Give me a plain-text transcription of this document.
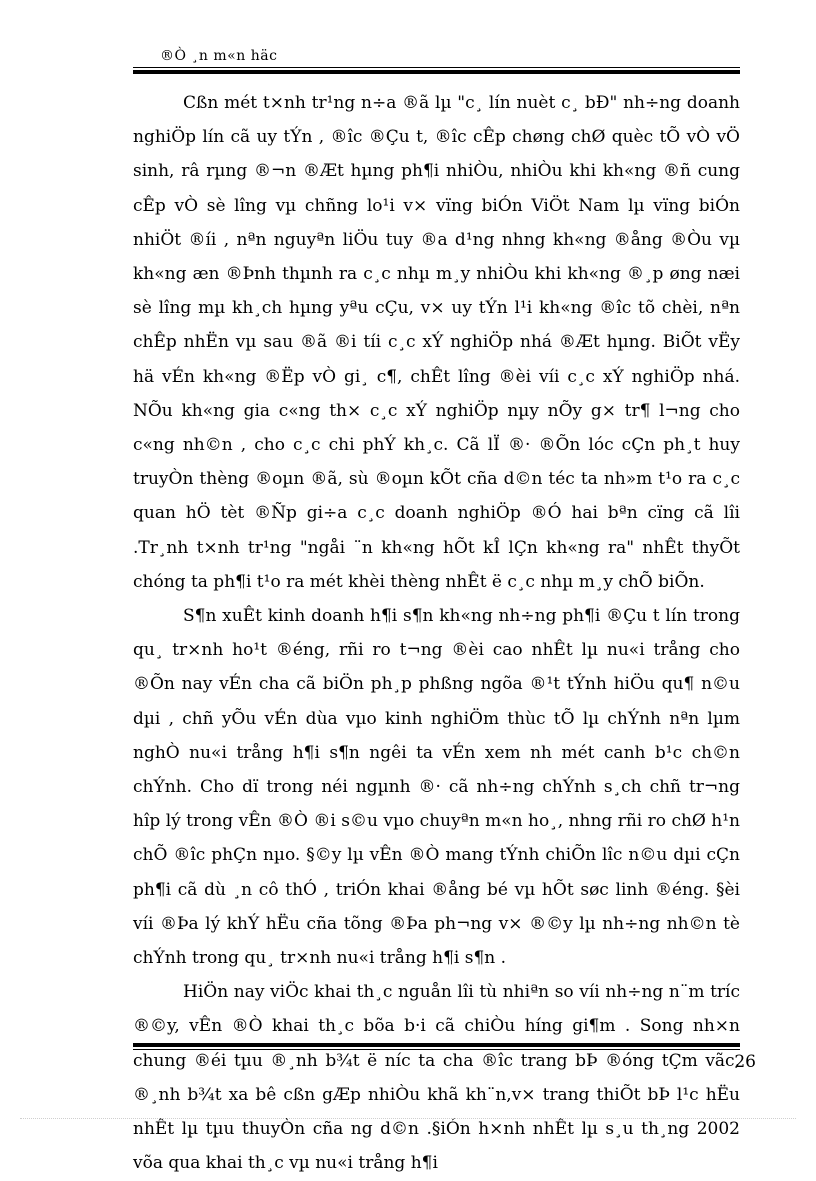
®Ò ¸n m«n häc

Cßn mét t×nh tr¹ng n÷a ®ã lµ "c¸ lín nuèt c¸ bÐ" nh÷ng doanh nghiÖp lín cã uy tÝn , ®îc ®Çu t, ®îc cÊp chøng chØ quèc tÕ vÒ vÖ sinh, râ rµng ®¬n ®Æt hµng ph¶i nhiÒu, nhiÒu khi kh«ng ®ñ cung cÊp vÒ sè lîng vµ chñng lo¹i v× vïng biÓn ViÖt Nam lµ vïng biÓn nhiÖt ®íi , nªn nguyªn liÖu tuy ®a d¹ng nhng kh«ng ®ång ®Òu vµ kh«ng æn ®Þnh thµnh ra c¸c nhµ m¸y nhiÒu khi kh«ng ®¸p øng næi sè lîng mµ kh¸ch hµng yªu cÇu, v× uy tÝn l¹i kh«ng ®îc tõ chèi, nªn chÊp nhËn vµ sau ®ã ®i tíi c¸c xÝ nghiÖp nhá ®Æt hµng. BiÕt vËy hä vÉn kh«ng ®Ëp vÒ gi¸ c¶, chÊt lîng ®èi víi c¸c xÝ nghiÖp nhá. NÕu kh«ng gia c«ng th× c¸c xÝ nghiÖp nµy nÕy g× tr¶ l¬ng cho c«ng nh©n , cho c¸c chi phÝ kh¸c. Cã lÏ ®· ®Õn lóc cÇn ph¸t huy truyÒn thèng ®oµn ®ã, sù ®oµn kÕt cña d©n téc ta nh»m t¹o ra c¸c quan hÖ tèt ®Ñp gi÷a c¸c doanh nghiÖp ®Ó hai bªn cïng cã lîi .Tr¸nh t×nh tr¹ng "ngåi ¨n kh«ng hÕt kÎ lÇn kh«ng ra" nhÊt thyÕt chóng ta ph¶i t¹o ra mét khèi thèng nhÊt ë c¸c nhµ m¸y chÕ biÕn.

S¶n xuÊt kinh doanh h¶i s¶n kh«ng nh÷ng ph¶i ®Çu t lín trong qu¸ tr×nh ho¹t ®éng, rñi ro t¬ng ®èi cao nhÊt lµ nu«i trång cho ®Õn nay vÉn cha cã biÖn ph¸p phßng ngõa ®¹t tÝnh hiÖu qu¶ n©u dµi , chñ yÕu vÉn dùa vµo kinh nghiÖm thùc tÕ lµ chÝnh nªn lµm nghÒ nu«i trång h¶i s¶n ngêi ta vÉn xem nh mét canh b¹c ch©n chÝnh. Cho dï trong néi ngµnh ®· cã nh÷ng chÝnh s¸ch chñ tr¬ng hîp lý trong vÊn ®Ò ®i s©u vµo chuyªn m«n ho¸, nhng rñi ro chØ h¹n chÕ ®îc phÇn nµo. §©y lµ vÊn ®Ò mang tÝnh chiÕn lîc n©u dµi cÇn ph¶i cã dù ¸n cô thÓ , triÓn khai ®ång bé vµ hÕt søc linh ®éng. §èi víi ®Þa lý khÝ hËu cña tõng ®Þa ph¬ng v× ®©y lµ nh÷ng nh©n tè chÝnh trong qu¸ tr×nh nu«i trång h¶i s¶n .

HiÖn nay viÖc khai th¸c nguån lîi tù nhiªn so víi nh÷ng n¨m tríc ®©y, vÊn ®Ò khai th¸c bõa b·i cã chiÒu híng gi¶m . Song nh×n chung ®éi tµu ®¸nh b¾t ë níc ta cha ®îc trang bÞ ®óng tÇm vãc, ®¸nh b¾t xa bê cßn gÆp nhiÒu khã kh¨n,v× trang thiÕt bÞ l¹c hËu nhÊt lµ tµu thuyÒn cña ng d©n .§iÓn h×nh nhÊt lµ s¸u th¸ng 2002 võa qua khai th¸c vµ nu«i trång h¶i

26
